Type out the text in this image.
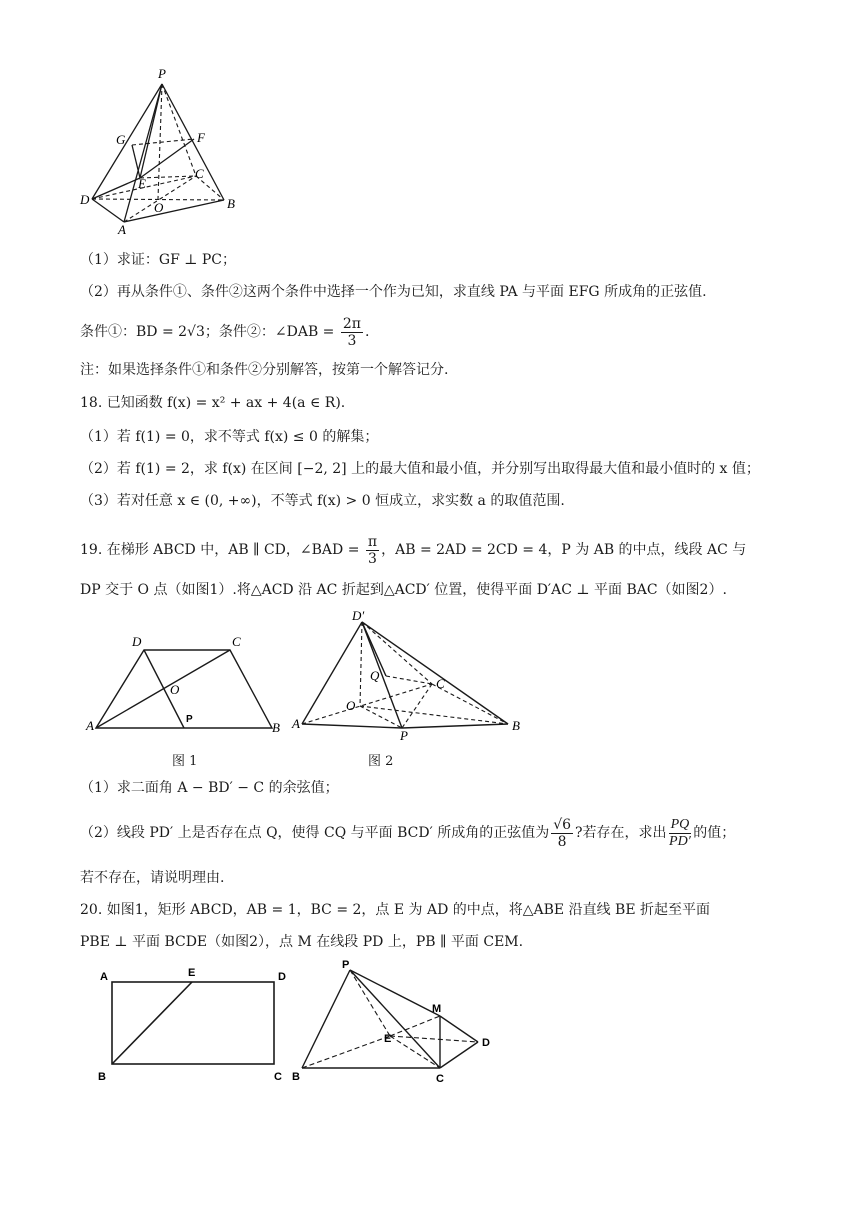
P
G	F
E
C
D
O	B
A
（1）求证：GF ⊥ PC；
（2）再从条件①、条件②这两个条件中选择一个作为已知，求直线 PA 与平面 EFG 所成角的正弦值.
条件①：BD = 2√3；条件②：∠DAB = $\frac{2\pi}{3}$ .
注：如果选择条件①和条件②分别解答，按第一个解答记分.
18. 已知函数 f(x) = x² + ax + 4(a ∈ R).
（1）若 f(1) = 0，求不等式 f(x) ≤ 0 的解集；
（2）若 f(1) = 2，求 f(x) 在区间 [−2, 2] 上的最大值和最小值，并分别写出取得最大值和最小值时的 x 值；
（3）若对任意 x ∈ (0, +∞)，不等式 f(x) > 0 恒成立，求实数 a 的取值范围.
19. 在梯形 ABCD 中，AB ∥ CD，∠BAD = $\frac{\pi}{3}$ ，AB = 2AD = 2CD = 4，P 为 AB 的中点，线段 AC 与
DP 交于 O 点（如图1）.将△ACD 沿 AC 折起到△ACD′ 位置，使得平面 D′AC ⊥ 平面 BAC（如图2）.
D	C
O
A	P
B
图 1
D′
Q
C
O
A
P
B
图 2
（1）求二面角 A − BD′ − C 的余弦值；
（2）线段 PD′ 上是否存在点 Q，使得 CQ 与平面 BCD′ 所成角的正弦值为 $\frac{√6}{8}$ ?若存在，求出 $\frac{PQ}{PD'}$ 的值；
若不存在，请说明理由.
20. 如图1，矩形 ABCD，AB = 1，BC = 2，点 E 为 AD 的中点，将△ABE 沿直线 BE 折起至平面
PBE ⊥ 平面 BCDE（如图2），点 M 在线段 PD 上，PB ∥ 平面 CEM.
A	E	D
B	C
P
M
E	D
B	C
